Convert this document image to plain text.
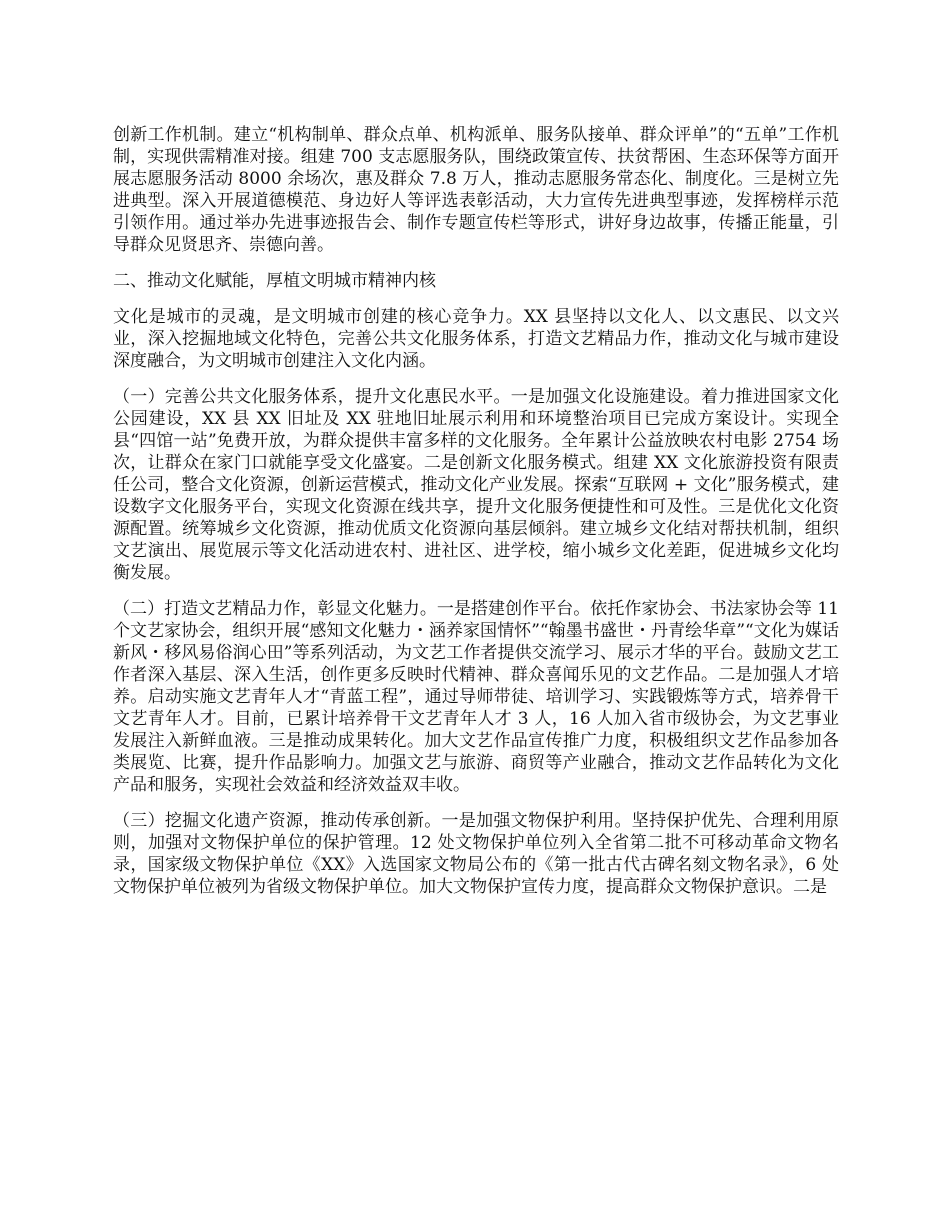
创新工作机制。建立“机构制单、群众点单、机构派单、服务队接单、群众评单”的“五单”工作机制，实现供需精准对接。组建 700 支志愿服务队，围绕政策宣传、扶贫帮困、生态环保等方面开展志愿服务活动 8000 余场次，惠及群众 7.8 万人，推动志愿服务常态化、制度化。三是树立先进典型。深入开展道德模范、身边好人等评选表彰活动，大力宣传先进典型事迹，发挥榜样示范引领作用。通过举办先进事迹报告会、制作专题宣传栏等形式，讲好身边故事，传播正能量，引导群众见贤思齐、崇德向善。

二、推动文化赋能，厚植文明城市精神内核

文化是城市的灵魂，是文明城市创建的核心竞争力。XX 县坚持以文化人、以文惠民、以文兴业，深入挖掘地域文化特色，完善公共文化服务体系，打造文艺精品力作，推动文化与城市建设深度融合，为文明城市创建注入文化内涵。

（一）完善公共文化服务体系，提升文化惠民水平。一是加强文化设施建设。着力推进国家文化公园建设，XX 县 XX 旧址及 XX 驻地旧址展示利用和环境整治项目已完成方案设计。实现全县“四馆一站”免费开放，为群众提供丰富多样的文化服务。全年累计公益放映农村电影 2754 场次，让群众在家门口就能享受文化盛宴。二是创新文化服务模式。组建 XX 文化旅游投资有限责任公司，整合文化资源，创新运营模式，推动文化产业发展。探索“互联网 + 文化”服务模式，建设数字文化服务平台，实现文化资源在线共享，提升文化服务便捷性和可及性。三是优化文化资源配置。统筹城乡文化资源，推动优质文化资源向基层倾斜。建立城乡文化结对帮扶机制，组织文艺演出、展览展示等文化活动进农村、进社区、进学校，缩小城乡文化差距，促进城乡文化均衡发展。

（二）打造文艺精品力作，彰显文化魅力。一是搭建创作平台。依托作家协会、书法家协会等 11 个文艺家协会，组织开展“感知文化魅力・涵养家国情怀”“翰墨书盛世・丹青绘华章”“文化为媒话新风・移风易俗润心田”等系列活动，为文艺工作者提供交流学习、展示才华的平台。鼓励文艺工作者深入基层、深入生活，创作更多反映时代精神、群众喜闻乐见的文艺作品。二是加强人才培养。启动实施文艺青年人才“青蓝工程”，通过导师带徒、培训学习、实践锻炼等方式，培养骨干文艺青年人才。目前，已累计培养骨干文艺青年人才 3 人，16 人加入省市级协会，为文艺事业发展注入新鲜血液。三是推动成果转化。加大文艺作品宣传推广力度，积极组织文艺作品参加各类展览、比赛，提升作品影响力。加强文艺与旅游、商贸等产业融合，推动文艺作品转化为文化产品和服务，实现社会效益和经济效益双丰收。

（三）挖掘文化遗产资源，推动传承创新。一是加强文物保护利用。坚持保护优先、合理利用原则，加强对文物保护单位的保护管理。12 处文物保护单位列入全省第二批不可移动革命文物名录，国家级文物保护单位《XX》入选国家文物局公布的《第一批古代古碑名刻文物名录》，6 处文物保护单位被列为省级文物保护单位。加大文物保护宣传力度，提高群众文物保护意识。二是
